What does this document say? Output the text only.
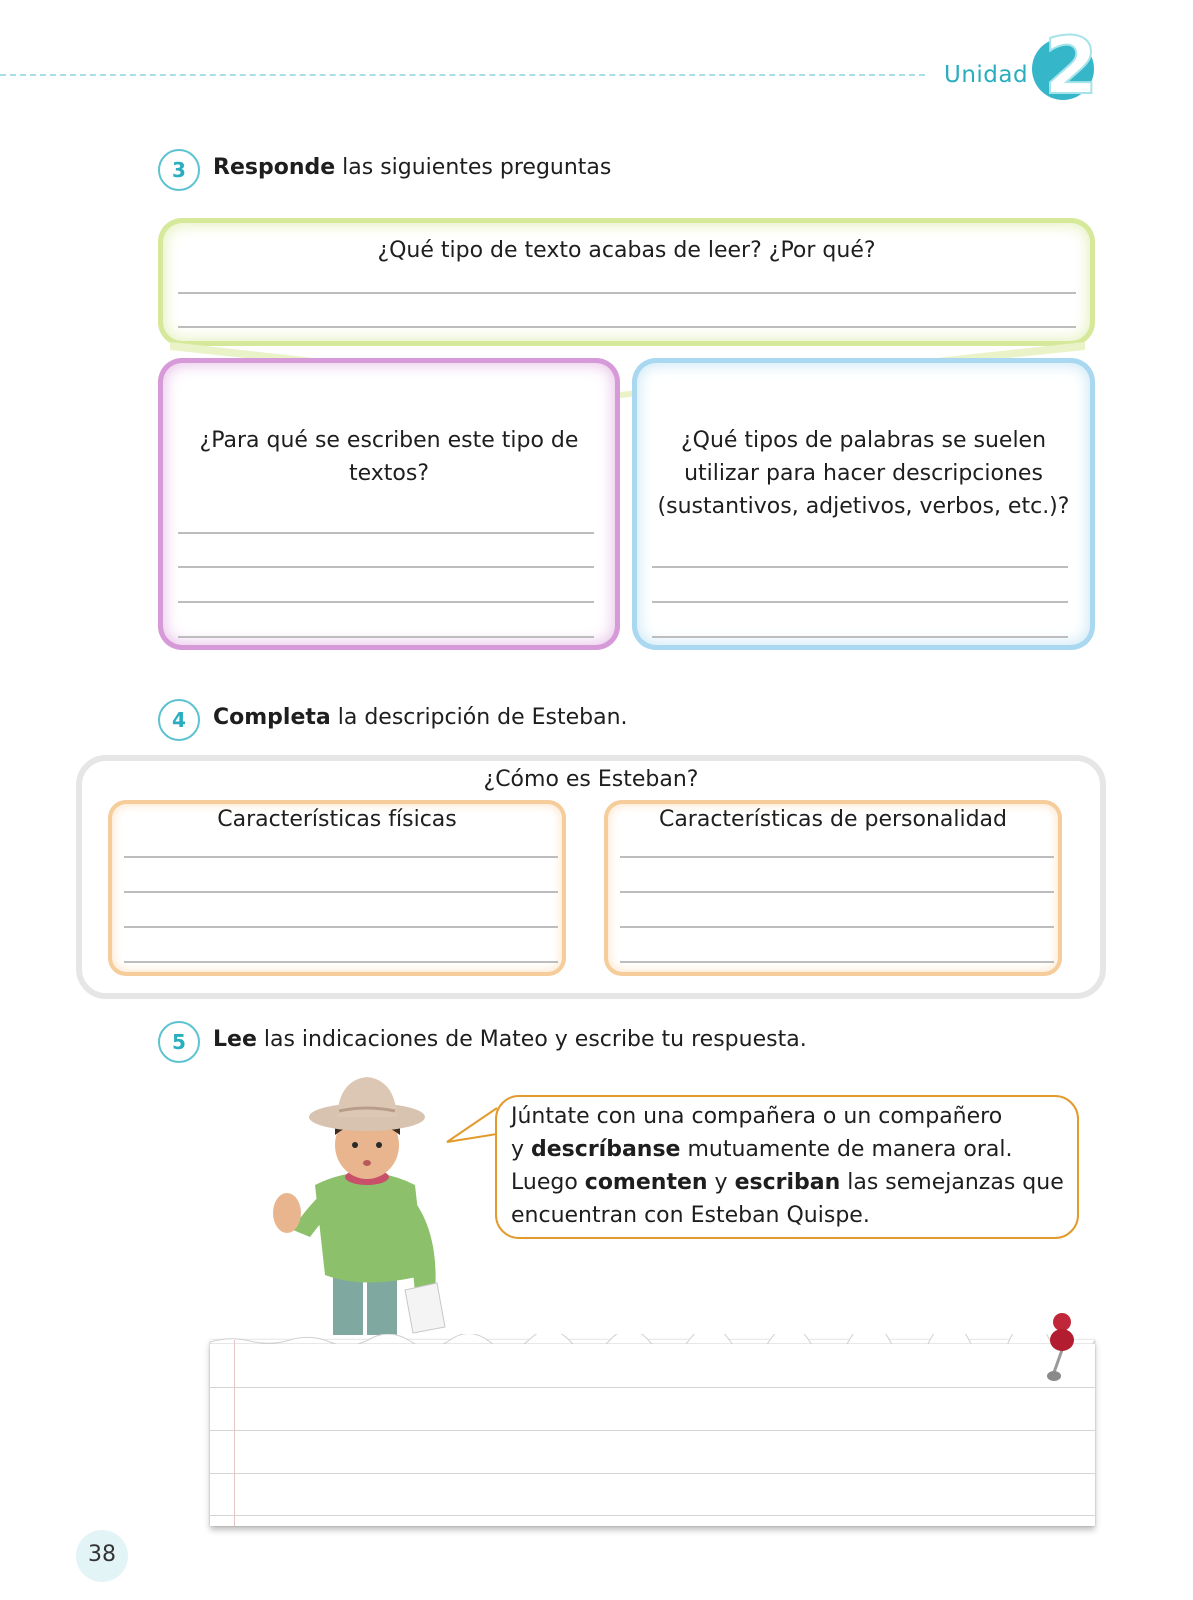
Unidad 2
3	Responde las siguientes preguntas
¿Qué tipo de texto acabas de leer? ¿Por qué?
¿Para qué se escriben este tipo de
textos?
¿Qué tipos de palabras se suelen
utilizar para hacer descripciones
(sustantivos, adjetivos, verbos, etc.)?
4	Completa la descripción de Esteban.
¿Cómo es Esteban?
Características físicas	Características de personalidad
5	Lee las indicaciones de Mateo y escribe tu respuesta.
Júntate con una compañera o un compañero
y descríbanse mutuamente de manera oral.
Luego comenten y escriban las semejanzas que
encuentran con Esteban Quispe.
38
